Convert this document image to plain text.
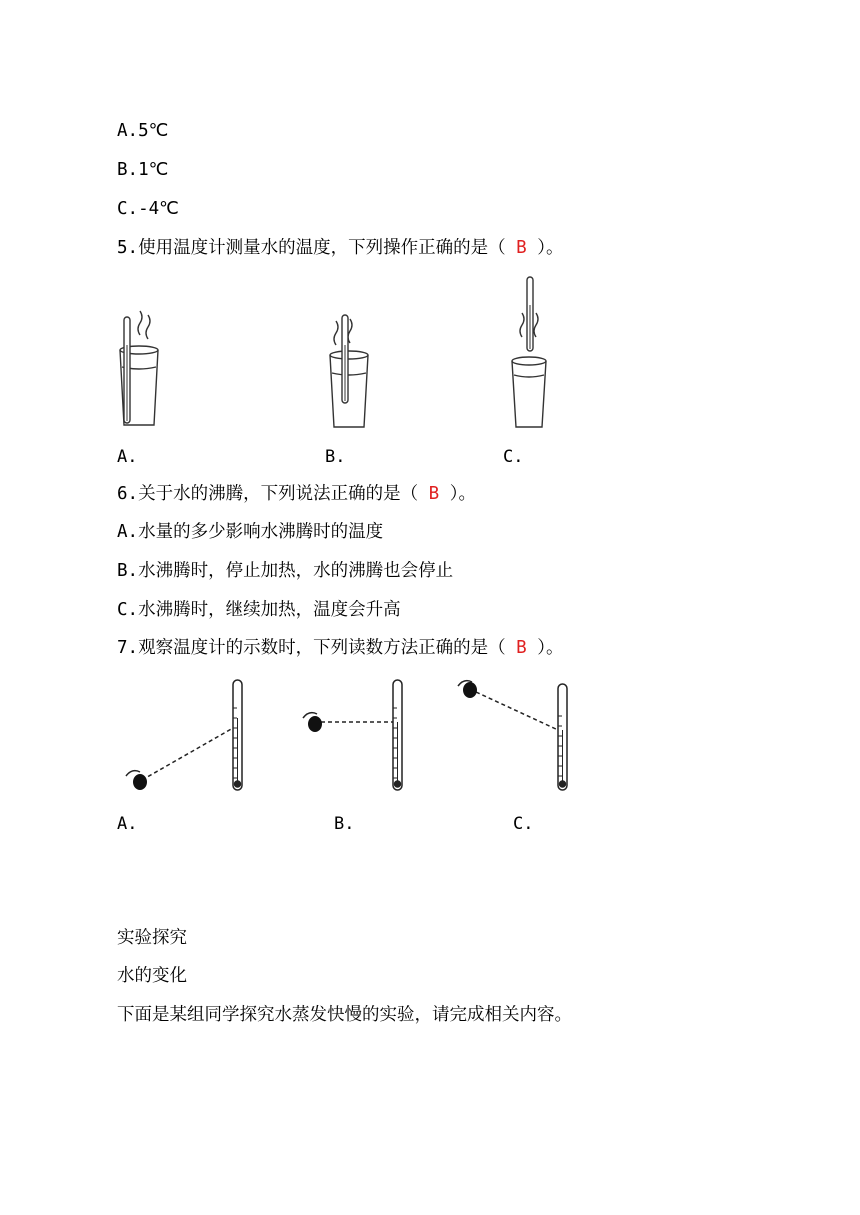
A.5℃

B.1℃

C.-4℃

5.使用温度计测量水的温度，下列操作正确的是（ B ）。

A.	B.	C.

6.关于水的沸腾，下列说法正确的是（ B ）。

A.水量的多少影响水沸腾时的温度

B.水沸腾时，停止加热，水的沸腾也会停止

C.水沸腾时，继续加热，温度会升高

7.观察温度计的示数时，下列读数方法正确的是（ B ）。

A.	B.	C.

实验探究

水的变化

下面是某组同学探究水蒸发快慢的实验，请完成相关内容。
